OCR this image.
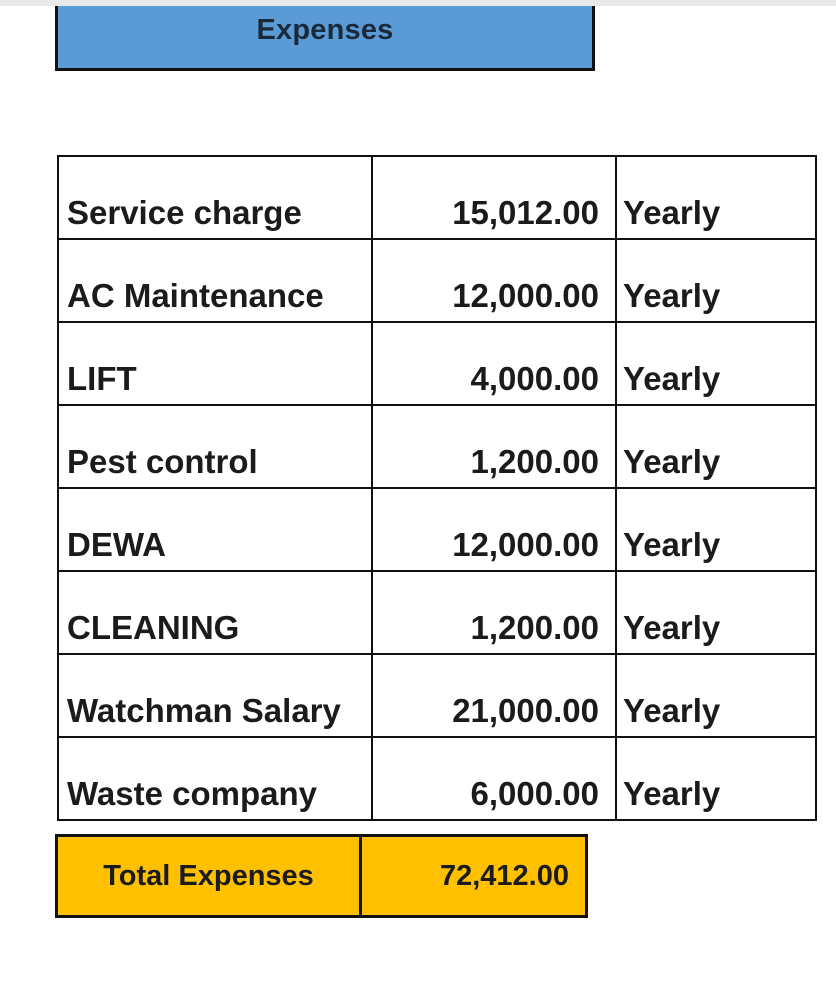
Expenses
Service charge	15,012.00	Yearly
AC Maintenance	12,000.00	Yearly
LIFT	4,000.00	Yearly
Pest control	1,200.00	Yearly
DEWA	12,000.00	Yearly
CLEANING	1,200.00	Yearly
Watchman Salary	21,000.00	Yearly
Waste company	6,000.00	Yearly
Total Expenses	72,412.00
